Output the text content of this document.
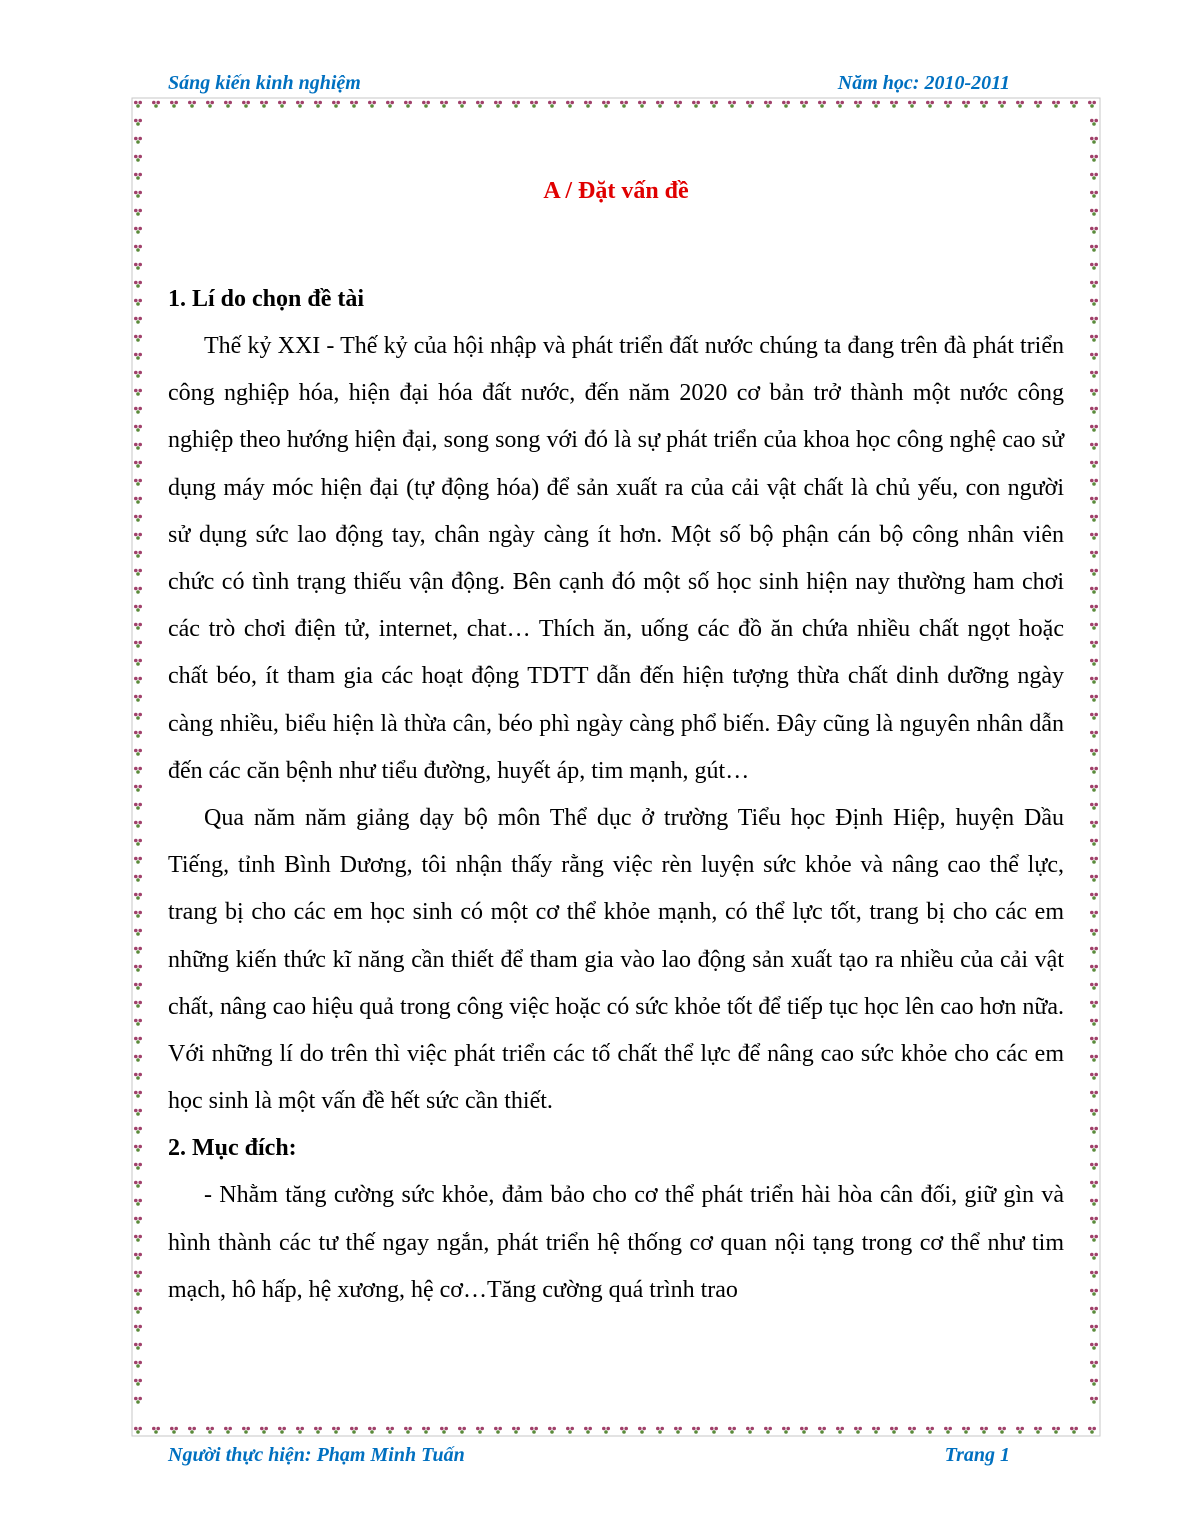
Sáng kiến kinh nghiệm	Năm học: 2010-2011
A / Đặt vấn đề
1. Lí do chọn đề tài

Thế kỷ XXI - Thế kỷ của hội nhập và phát triển đất nước chúng ta đang trên đà phát triển công nghiệp hóa, hiện đại hóa đất nước, đến năm 2020 cơ bản trở thành một nước công nghiệp theo hướng hiện đại, song song với đó là sự phát triển của khoa học công nghệ cao sử dụng máy móc hiện đại (tự động hóa) để sản xuất ra của cải vật chất là chủ yếu, con người sử dụng sức lao động tay, chân ngày càng ít hơn. Một số bộ phận cán bộ công nhân viên chức có tình trạng thiếu vận động. Bên cạnh đó một số học sinh hiện nay thường ham chơi các trò chơi điện tử, internet, chat… Thích ăn, uống các đồ ăn chứa nhiều chất ngọt hoặc chất béo, ít tham gia các hoạt động TDTT dẫn đến hiện tượng thừa chất dinh dưỡng ngày càng nhiều, biểu hiện là thừa cân, béo phì ngày càng phổ biến. Đây cũng là nguyên nhân dẫn đến các căn bệnh như tiểu đường, huyết áp, tim mạnh, gút…

Qua năm năm giảng dạy bộ môn Thể dục ở trường Tiểu học Định Hiệp, huyện Dầu Tiếng, tỉnh Bình Dương, tôi nhận thấy rằng việc rèn luyện sức khỏe và nâng cao thể lực, trang bị cho các em học sinh có một cơ thể khỏe mạnh, có thể lực tốt, trang bị cho các em những kiến thức kĩ năng cần thiết để tham gia vào lao động sản xuất tạo ra nhiều của cải vật chất, nâng cao hiệu quả trong công việc hoặc có sức khỏe tốt để tiếp tục học lên cao hơn nữa. Với những lí do trên thì việc phát triển các tố chất thể lực để nâng cao sức khỏe cho các em học sinh là một vấn đề hết sức cần thiết.

2. Mục đích:

- Nhằm tăng cường sức khỏe, đảm bảo cho cơ thể phát triển hài hòa cân đối, giữ gìn và hình thành các tư thế ngay ngắn, phát triển hệ thống cơ quan nội tạng trong cơ thể như tim mạch, hô hấp, hệ xương, hệ cơ…Tăng cường quá trình trao

Người thực hiện: Phạm Minh Tuấn	Trang 1
